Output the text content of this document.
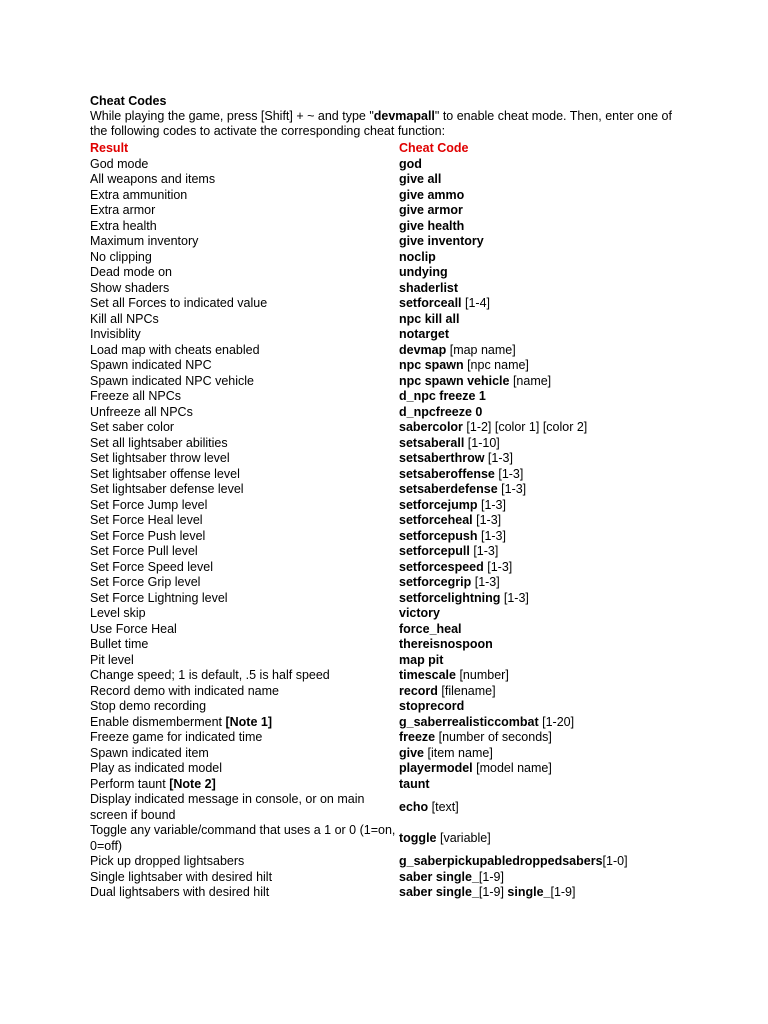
Cheat Codes
While playing the game, press [Shift] + ~ and type "devmapall" to enable cheat mode. Then, enter one of the following codes to activate the corresponding cheat function:
Result	Cheat Code
God mode	god
All weapons and items	give all
Extra ammunition	give ammo
Extra armor	give armor
Extra health	give health
Maximum inventory	give inventory
No clipping	noclip
Dead mode on	undying
Show shaders	shaderlist
Set all Forces to indicated value	setforceall [1-4]
Kill all NPCs	npc kill all
Invisiblity	notarget
Load map with cheats enabled	devmap [map name]
Spawn indicated NPC	npc spawn [npc name]
Spawn indicated NPC vehicle	npc spawn vehicle [name]
Freeze all NPCs	d_npc freeze 1
Unfreeze all NPCs	d_npcfreeze 0
Set saber color	sabercolor [1-2] [color 1] [color 2]
Set all lightsaber abilities	setsaberall [1-10]
Set lightsaber throw level	setsaberthrow [1-3]
Set lightsaber offense level	setsaberoffense [1-3]
Set lightsaber defense level	setsaberdefense [1-3]
Set Force Jump level	setforcejump [1-3]
Set Force Heal level	setforceheal [1-3]
Set Force Push level	setforcepush [1-3]
Set Force Pull level	setforcepull [1-3]
Set Force Speed level	setforcespeed [1-3]
Set Force Grip level	setforcegrip [1-3]
Set Force Lightning level	setforcelightning [1-3]
Level skip	victory
Use Force Heal	force_heal
Bullet time	thereisnospoon
Pit level	map pit
Change speed; 1 is default, .5 is half speed	timescale [number]
Record demo with indicated name	record [filename]
Stop demo recording	stoprecord
Enable dismemberment [Note 1]	g_saberrealisticcombat [1-20]
Freeze game for indicated time	freeze [number of seconds]
Spawn indicated item	give [item name]
Play as indicated model	playermodel [model name]
Perform taunt [Note 2]	taunt
Display indicated message in console, or on main screen if bound	echo [text]
Toggle any variable/command that uses a 1 or 0 (1=on, 0=off)	toggle [variable]
Pick up dropped lightsabers	g_saberpickupabledroppedsabers[1-0]
Single lightsaber with desired hilt	saber single_[1-9]
Dual lightsabers with desired hilt	saber single_[1-9] single_[1-9]
